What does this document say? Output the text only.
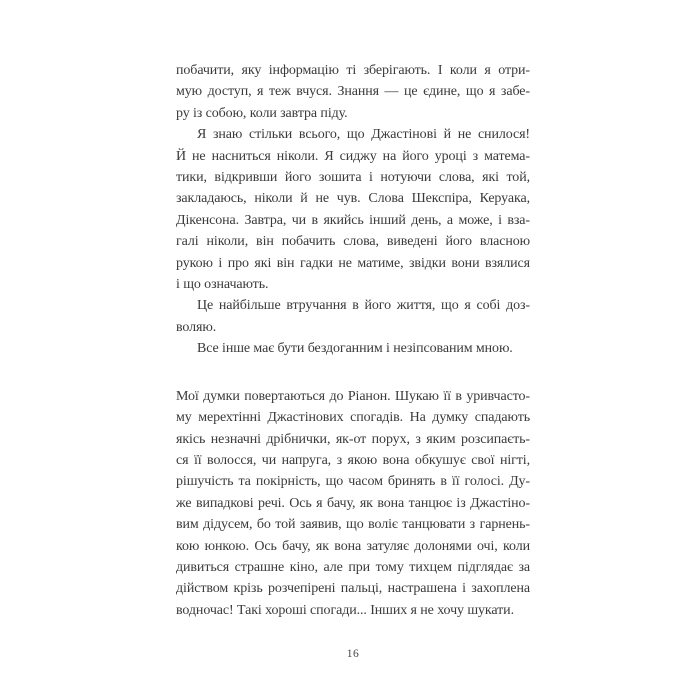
побачити, яку інформацію ті зберігають. І коли я отри-
мую доступ, я теж вчуся. Знання — це єдине, що я забе-
ру із собою, коли завтра піду.
Я знаю стільки всього, що Джастінові й не снилося!
Й не насниться ніколи. Я сиджу на його уроці з матема-
тики, відкривши його зошита і нотуючи слова, які той,
закладаюсь, ніколи й не чув. Слова Шекспіра, Керуака,
Дікенсона. Завтра, чи в якийсь інший день, а може, і вза-
галі ніколи, він побачить слова, виведені його власною
рукою і про які він гадки не матиме, звідки вони взялися
і що означають.
Це найбільше втручання в його життя, що я собі доз-
воляю.
Все інше має бути бездоганним і незіпсованим мною.
Мої думки повертаються до Ріанон. Шукаю її в уривчасто-
му мерехтінні Джастінових спогадів. На думку спадають
якісь незначні дрібнички, як-от порух, з яким розсипаєть-
ся її волосся, чи напруга, з якою вона обкушує свої нігті,
рішучість та покірність, що часом бринять в її голосі. Ду-
же випадкові речі. Ось я бачу, як вона танцює із Джастіно-
вим дідусем, бо той заявив, що воліє танцювати з гарнень-
кою юнкою. Ось бачу, як вона затуляє долонями очі, коли
дивиться страшне кіно, але при тому тихцем підглядає за
дійством крізь розчепірені пальці, настрашена і захоплена
водночас! Такі хороші спогади... Інших я не хочу шукати.
16
